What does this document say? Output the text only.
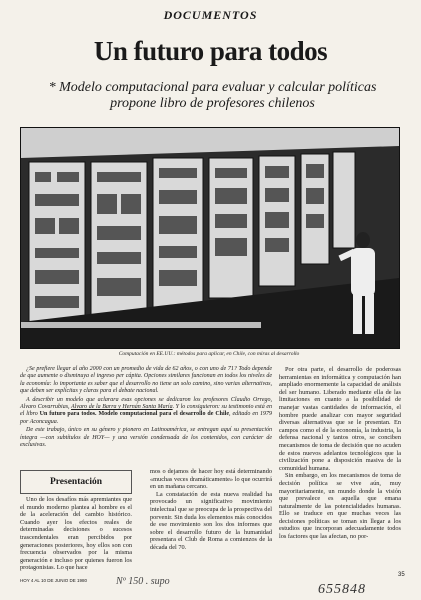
DOCUMENTOS
Un futuro para todos
* Modelo computacional para evaluar y calcular políticas propone libro de profesores chilenos
Computación en EE.UU.: métodos para aplicar, en Chile, con miras al desarrollo

¿Se prefiere llegar al año 2000 con un promedio de vida de 62 años, o con uno de 71? Todo depende de que aumente o disminuya el ingreso per cápita. Opciones similares funcionan en todos los niveles de la economía: lo importante es saber que el desarrollo no tiene un solo camino, sino varias alternativas, que deben ser explícitas y claras para el debate nacional.

A describir un modelo que aclarara esas opciones se dedicaron los profesores Claudio Orrego, Alvaro Covarrubias, Alvaro de la Barra y Hernán Santa María. Y lo consiguieron: su testimonio está en el libro Un futuro para todos. Modelo computacional para el desarrollo de Chile, editado en 1979 por Aconcagua.

De este trabajo, único en su género y pionero en Latinoamérica, se entregan aquí su presentación íntegra —con subtítulos de HOY— y una versión condensada de los contenidos, con carácter de exclusivas.

Por otra parte, el desarrollo de poderosas herramientas en informática y computación han ampliado enormemente la capacidad de análisis del ser humano. Liberado mediante ella de las limitaciones en cuanto a la posibilidad de manejar vastas cantidades de información, el hombre puede analizar con mayor seguridad diversas alternativas que se le presentan. En campos como el de la economía, la industria, la defensa nacional y tantos otros, se conciben mecanismos de toma de decisión que no acuden de estos nuevos adelantos tecnológicos que la civilización pone a disposición masiva de la comunidad humana.

Sin embargo, en los mecanismos de toma de decisión política se vive aún, muy mayoritariamente, un mundo donde la visión que prevalece es aquella que emana naturalmente de las potencialidades humanas. Ello se traduce en que muchas veces las decisiones políticas se toman sin llegar a los estudios que incorporan adecuadamente todos los factores que las afectan, no por-

Presentación

Uno de los desafíos más apremiantes que el mundo moderno plantea al hombre es el de la aceleración del cambio histórico. Cuando ayer los efectos reales de determinadas decisiones o sucesos trascendentales eran percibidos por generaciones posteriores, hoy ellos son con frecuencia observados por la misma generación e incluso por quienes fueron los protagonistas. Lo que hace

mos o dejamos de hacer hoy está determinando «muchas veces dramáticamente» lo que ocurrirá en un mañana cercano.

La constatación de esta nueva realidad ha provocado un significativo movimiento intelectual que se preocupa de la prospectiva del porvenir. Sin duda los elementos más conocidos de ese movimiento son los dos informes que sobre el desarrollo futuro de la humanidad presentara el Club de Roma a comienzos de la década del 70.

HOY 4 AL 10 DE JUNIO DE 1980	Nº 150 . supo
655848
35
